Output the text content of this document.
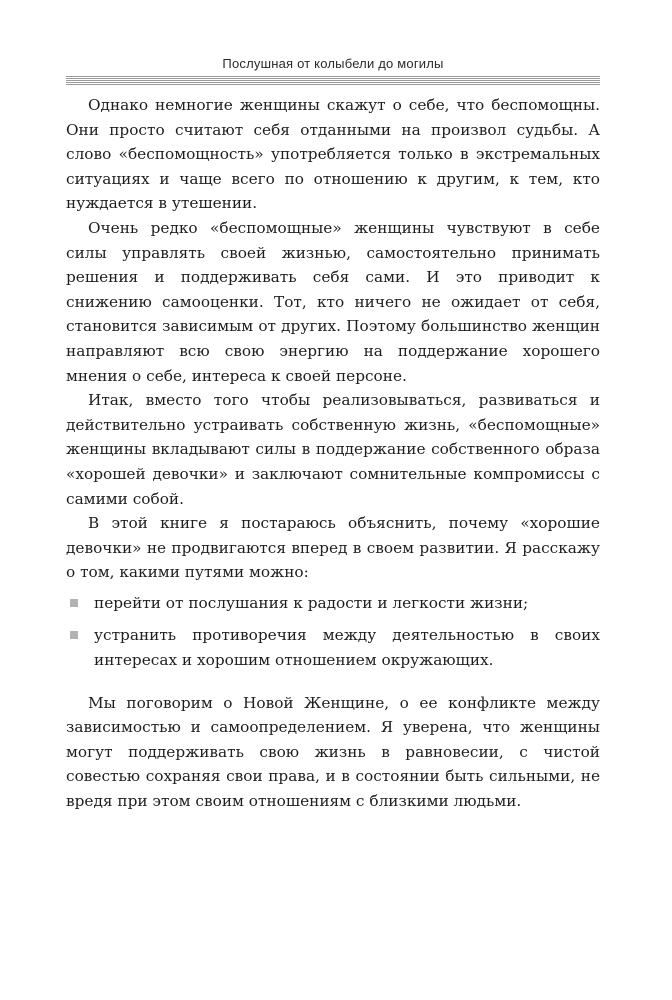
Послушная от колыбели до могилы

Однако немногие женщины скажут о себе, что беспомощны. Они просто считают себя отданными на произвол судьбы. А слово «беспомощность» употребляется только в экстремальных ситуациях и чаще всего по отношению к другим, к тем, кто нуждается в утешении.

Очень редко «беспомощные» женщины чувствуют в себе силы управлять своей жизнью, самостоятельно принимать решения и поддерживать себя сами. И это приводит к снижению самооценки. Тот, кто ничего не ожидает от себя, становится зависимым от других. Поэтому большинство женщин направляют всю свою энергию на поддержание хорошего мнения о себе, интереса к своей персоне.

Итак, вместо того чтобы реализовываться, развиваться и действительно устраивать собственную жизнь, «беспомощные» женщины вкладывают силы в поддержание собственного образа «хорошей девочки» и заключают сомнительные компромиссы с самими собой.

В этой книге я постараюсь объяснить, почему «хорошие девочки» не продвигаются вперед в своем развитии. Я расскажу о том, какими путями можно:

перейти от послушания к радости и легкости жизни;
устранить противоречия между деятельностью в своих интересах и хорошим отношением окружающих.

Мы поговорим о Новой Женщине, о ее конфликте между зависимостью и самоопределением. Я уверена, что женщины могут поддерживать свою жизнь в равновесии, с чистой совестью сохраняя свои права, и в состоянии быть сильными, не вредя при этом своим отношениям с близкими людьми.
